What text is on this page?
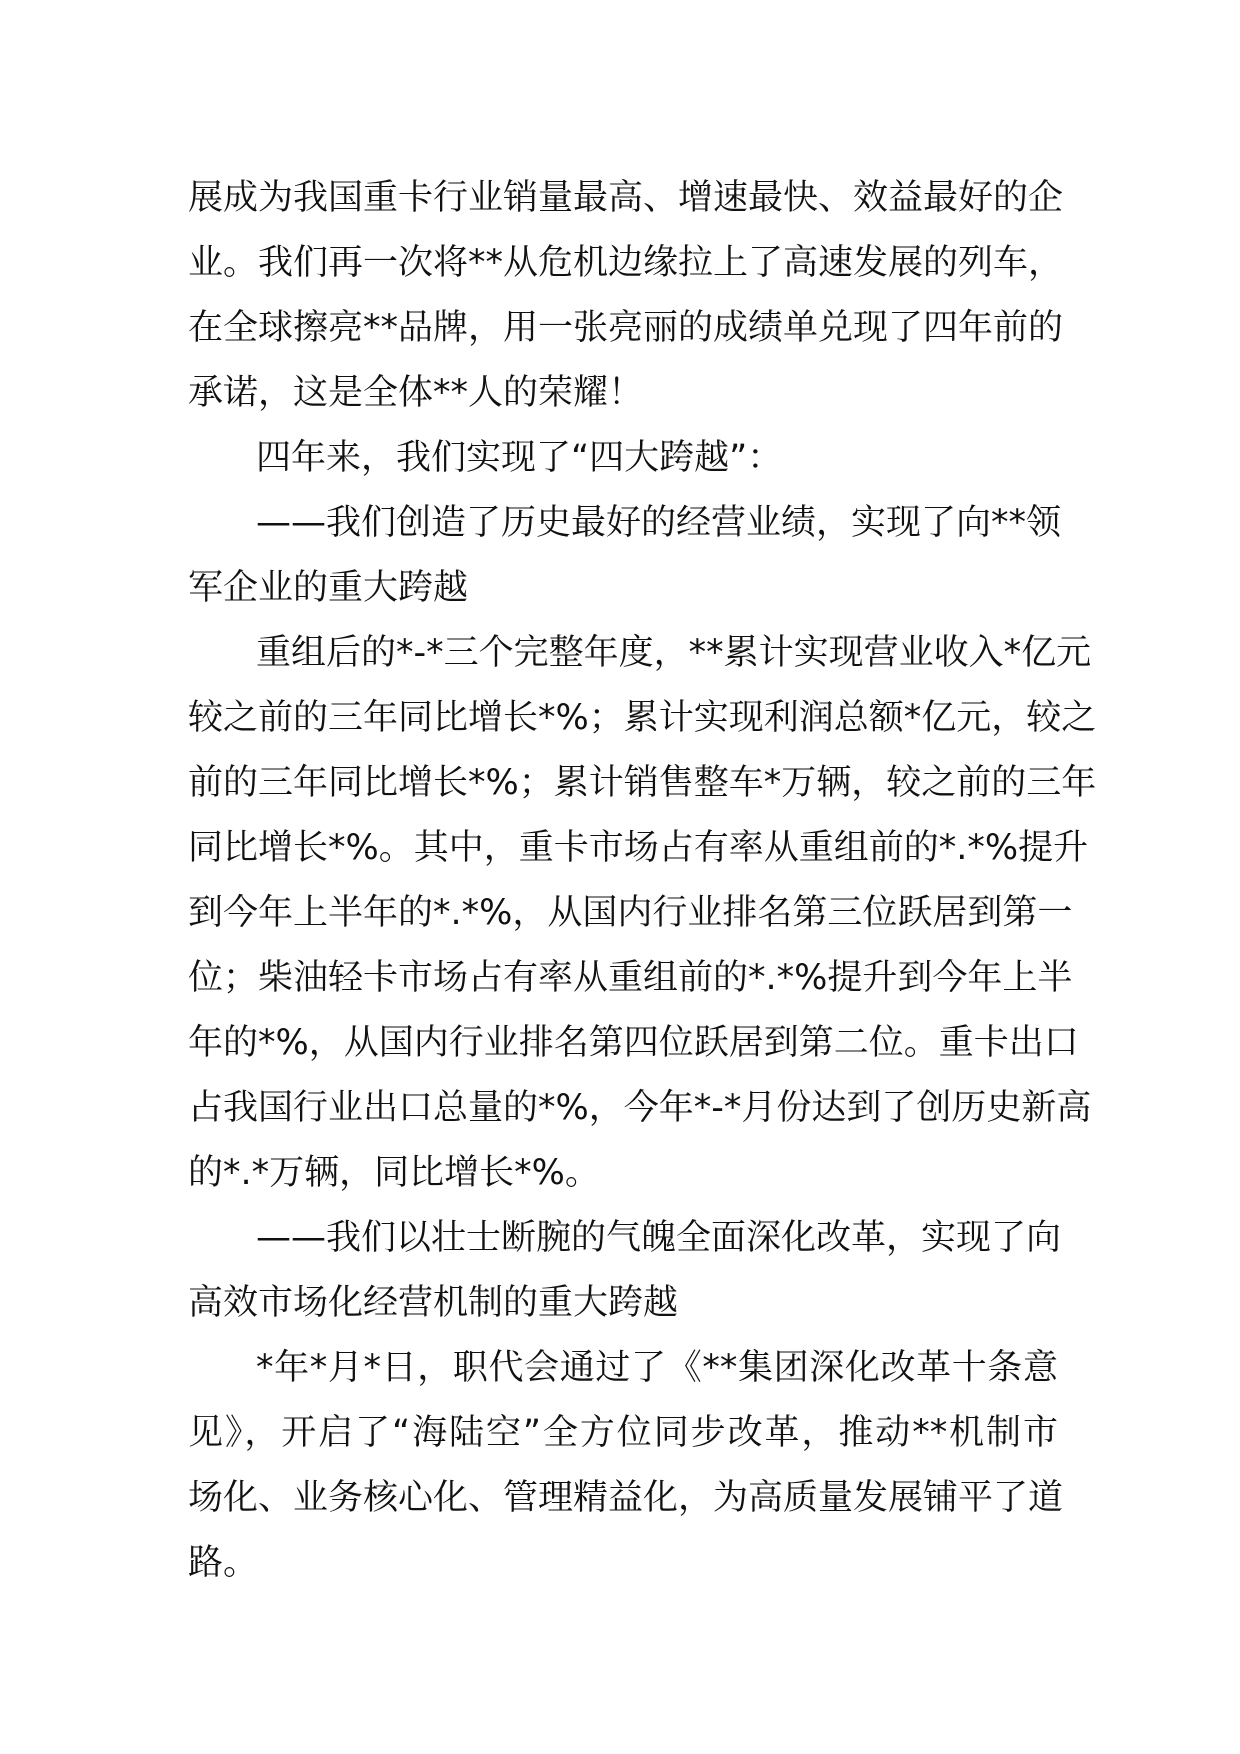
展成为我国重卡行业销量最高、增速最快、效益最好的企
业。我们再一次将**从危机边缘拉上了高速发展的列车，
在全球擦亮**品牌，用一张亮丽的成绩单兑现了四年前的
承诺，这是全体**人的荣耀！
四年来，我们实现了“四大跨越”：
——我们创造了历史最好的经营业绩，实现了向**领
军企业的重大跨越
重组后的*-*三个完整年度，**累计实现营业收入*亿元
较之前的三年同比增长*%；累计实现利润总额*亿元，较之
前的三年同比增长*%；累计销售整车*万辆，较之前的三年
同比增长*%。其中，重卡市场占有率从重组前的*.*%提升
到今年上半年的*.*%，从国内行业排名第三位跃居到第一
位；柴油轻卡市场占有率从重组前的*.*%提升到今年上半
年的*%，从国内行业排名第四位跃居到第二位。重卡出口
占我国行业出口总量的*%，今年*-*月份达到了创历史新高
的*.*万辆，同比增长*%。
——我们以壮士断腕的气魄全面深化改革，实现了向
高效市场化经营机制的重大跨越
*年*月*日，职代会通过了《**集团深化改革十条意
见》，开启了“海陆空”全方位同步改革，推动**机制市
场化、业务核心化、管理精益化，为高质量发展铺平了道
路。
